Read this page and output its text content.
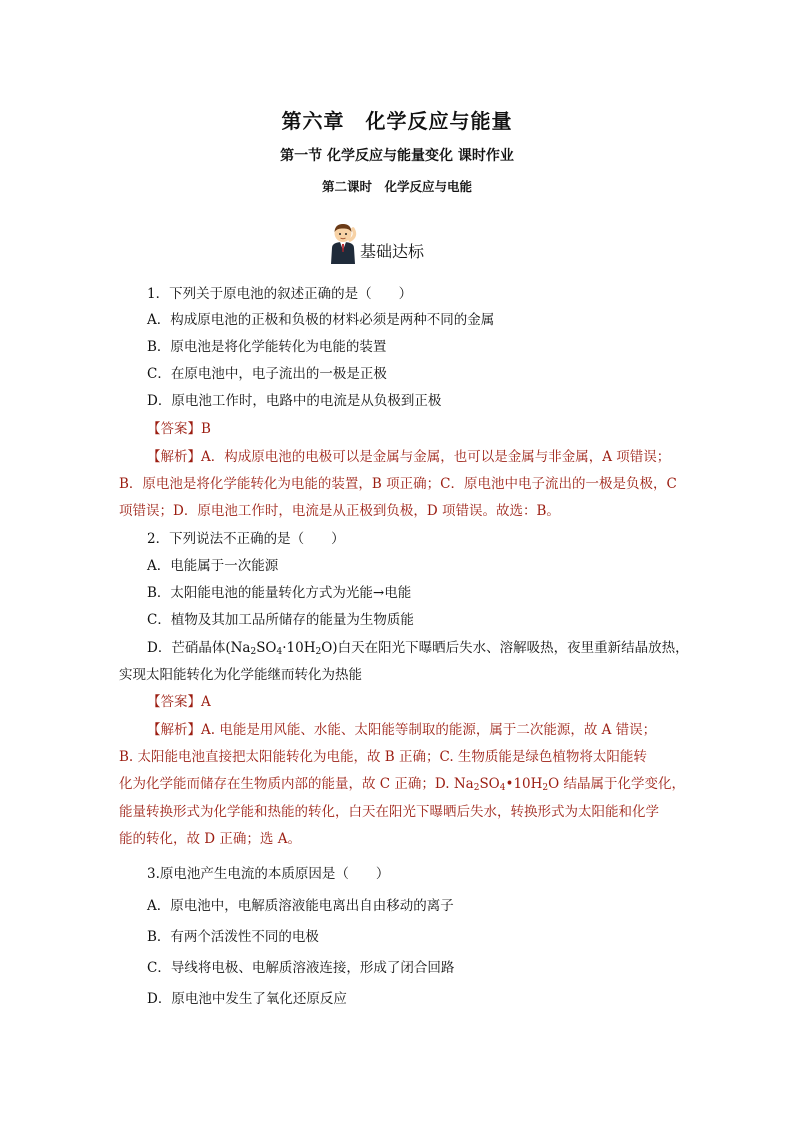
第六章　化学反应与能量
第一节 化学反应与能量变化 课时作业
第二课时　化学反应与电能
基础达标
1．下列关于原电池的叙述正确的是（　　）
A．构成原电池的正极和负极的材料必须是两种不同的金属
B．原电池是将化学能转化为电能的装置
C．在原电池中，电子流出的一极是正极
D．原电池工作时，电路中的电流是从负极到正极
【答案】B
【解析】A．构成原电池的电极可以是金属与金属，也可以是金属与非金属，A 项错误；
B．原电池是将化学能转化为电能的装置，B 项正确；C．原电池中电子流出的一极是负极，C
项错误；D．原电池工作时，电流是从正极到负极，D 项错误。故选：B。
2．下列说法不正确的是（　　）
A．电能属于一次能源
B．太阳能电池的能量转化方式为光能→电能
C．植物及其加工品所储存的能量为生物质能
D．芒硝晶体$(Na_2SO_4\cdot 10H_2O)$白天在阳光下曝晒后失水、溶解吸热，夜里重新结晶放热，
实现太阳能转化为化学能继而转化为热能
【答案】A
【解析】A. 电能是用风能、水能、太阳能等制取的能源，属于二次能源，故 A 错误；
B. 太阳能电池直接把太阳能转化为电能，故 B 正确；C. 生物质能是绿色植物将太阳能转
化为化学能而储存在生物质内部的能量，故 C 正确；D. $Na_2SO_4•10H_2O$ 结晶属于化学变化，
能量转换形式为化学能和热能的转化，白天在阳光下曝晒后失水，转换形式为太阳能和化学
能的转化，故 D 正确；选 A。
3.原电池产生电流的本质原因是（　　）
A．原电池中，电解质溶液能电离出自由移动的离子
B．有两个活泼性不同的电极
C．导线将电极、电解质溶液连接，形成了闭合回路
D．原电池中发生了氧化还原反应
